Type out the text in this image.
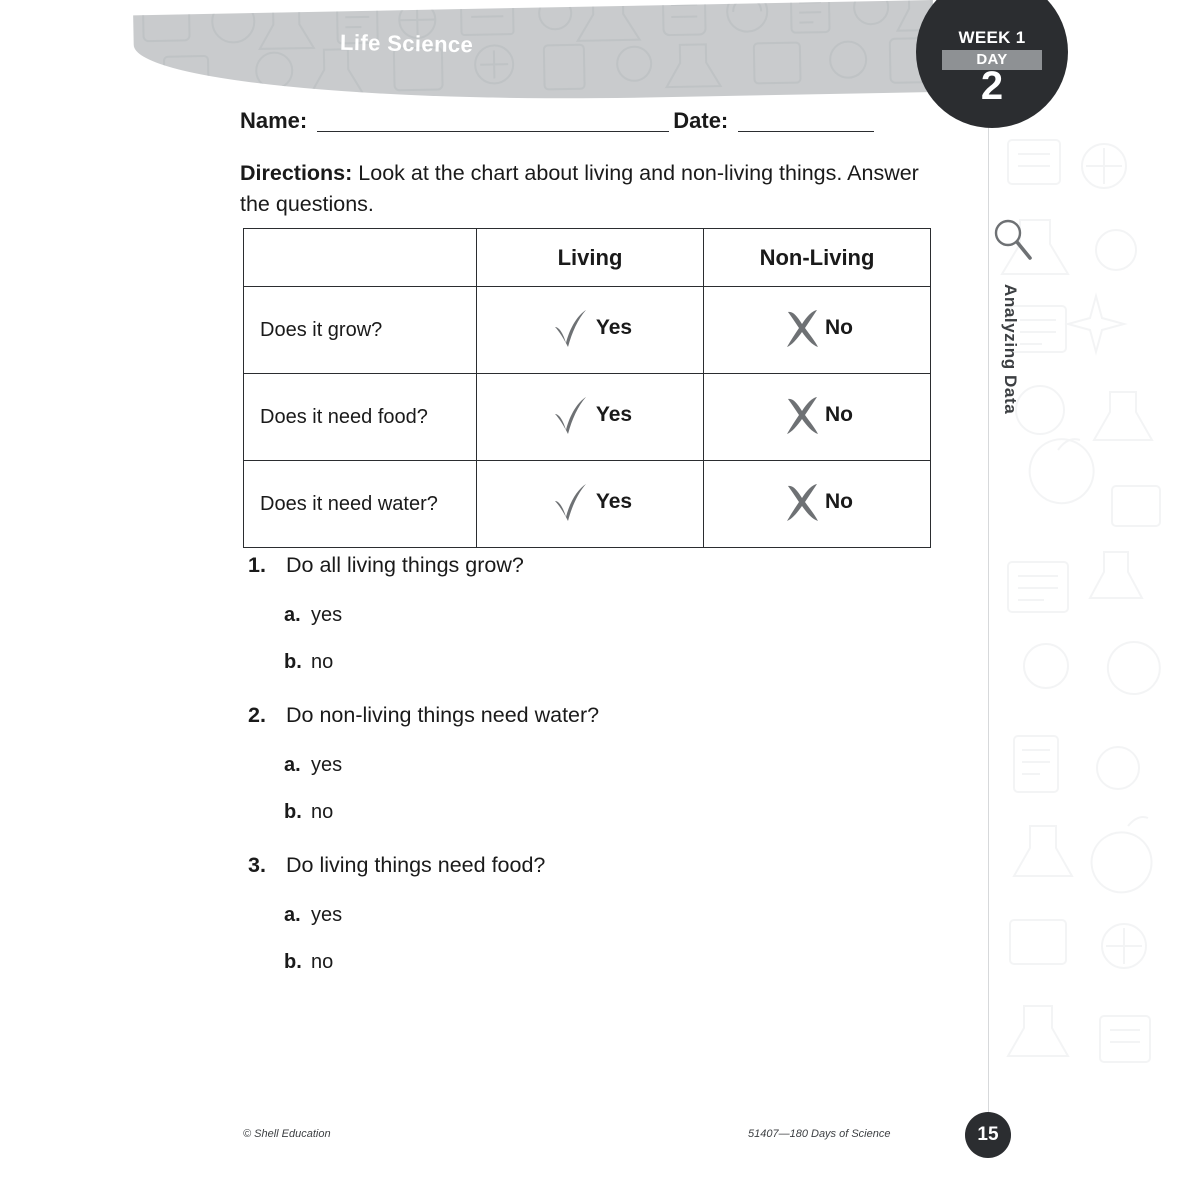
Life Science	WEEK 1
DAY
2
Analyzing Data
Name:	Date:
Directions: Look at the chart about living and non-living things. Answer the questions.
	Living	Non-Living
Does it grow?	Yes	No

Does it need food?	Yes	No

Does it need water?	Yes	No
1. Do all living things grow?
a. yes
b. no
2. Do non-living things need water?
a. yes
b. no
3. Do living things need food?
a. yes
b. no
© Shell Education	51407—180 Days of Science	15
